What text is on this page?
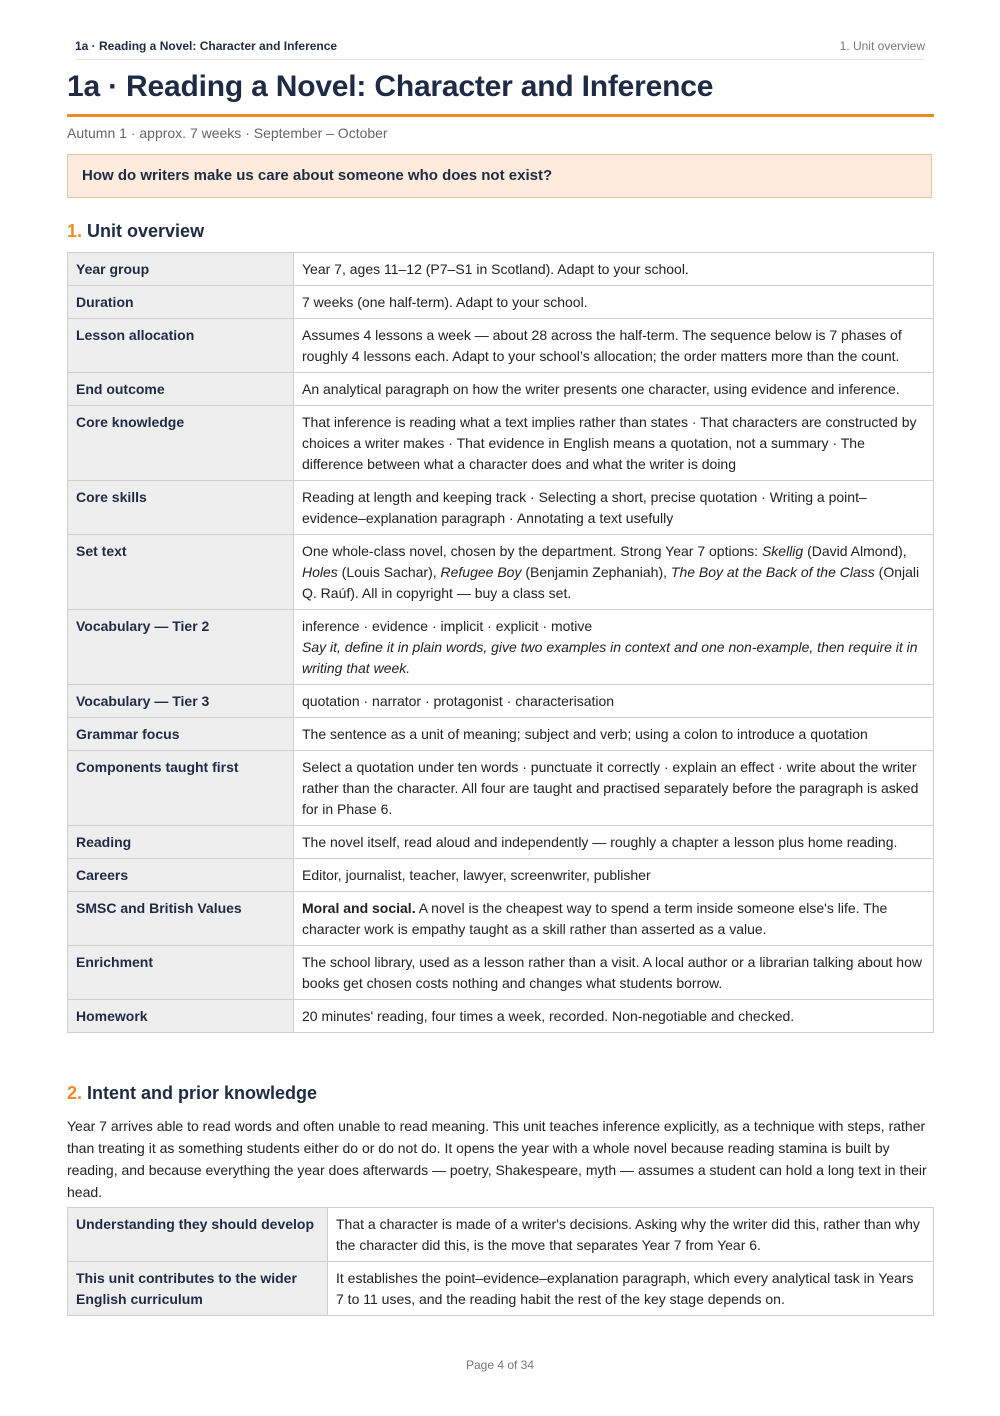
1a · Reading a Novel: Character and Inference	1. Unit overview
1a · Reading a Novel: Character and Inference
Autumn 1 · approx. 7 weeks · September – October
How do writers make us care about someone who does not exist?
1. Unit overview
Year group	Year 7, ages 11–12 (P7–S1 in Scotland). Adapt to your school.
Duration	7 weeks (one half-term). Adapt to your school.
Lesson allocation	Assumes 4 lessons a week — about 28 across the half-term. The sequence below is 7 phases of roughly 4 lessons each. Adapt to your school’s allocation; the order matters more than the count.
End outcome	An analytical paragraph on how the writer presents one character, using evidence and inference.
Core knowledge	That inference is reading what a text implies rather than states · That characters are constructed by choices a writer makes · That evidence in English means a quotation, not a summary · The difference between what a character does and what the writer is doing
Core skills	Reading at length and keeping track · Selecting a short, precise quotation · Writing a point–evidence–explanation paragraph · Annotating a text usefully
Set text	One whole-class novel, chosen by the department. Strong Year 7 options: Skellig (David Almond), Holes (Louis Sachar), Refugee Boy (Benjamin Zephaniah), The Boy at the Back of the Class (Onjali Q. Raúf). All in copyright — buy a class set.
Vocabulary — Tier 2	inference · evidence · implicit · explicit · motive
Say it, define it in plain words, give two examples in context and one non-example, then require it in writing that week.

Vocabulary — Tier 3	quotation · narrator · protagonist · characterisation
Grammar focus	The sentence as a unit of meaning; subject and verb; using a colon to introduce a quotation
Components taught first	Select a quotation under ten words · punctuate it correctly · explain an effect · write about the writer rather than the character. All four are taught and practised separately before the paragraph is asked for in Phase 6.
Reading	The novel itself, read aloud and independently — roughly a chapter a lesson plus home reading.
Careers	Editor, journalist, teacher, lawyer, screenwriter, publisher
SMSC and British Values	Moral and social. A novel is the cheapest way to spend a term inside someone else's life. The character work is empathy taught as a skill rather than asserted as a value.
Enrichment	The school library, used as a lesson rather than a visit. A local author or a librarian talking about how books get chosen costs nothing and changes what students borrow.
Homework	20 minutes' reading, four times a week, recorded. Non-negotiable and checked.
2. Intent and prior knowledge

Year 7 arrives able to read words and often unable to read meaning. This unit teaches inference explicitly, as a technique with steps, rather than treating it as something students either do or do not do. It opens the year with a whole novel because reading stamina is built by reading, and because everything the year does afterwards — poetry, Shakespeare, myth — assumes a student can hold a long text in their head.

Understanding they should develop	That a character is made of a writer's decisions. Asking why the writer did this, rather than why the character did this, is the move that separates Year 7 from Year 6.
This unit contributes to the wider English curriculum	It establishes the point–evidence–explanation paragraph, which every analytical task in Years 7 to 11 uses, and the reading habit the rest of the key stage depends on.
Page 4 of 34
